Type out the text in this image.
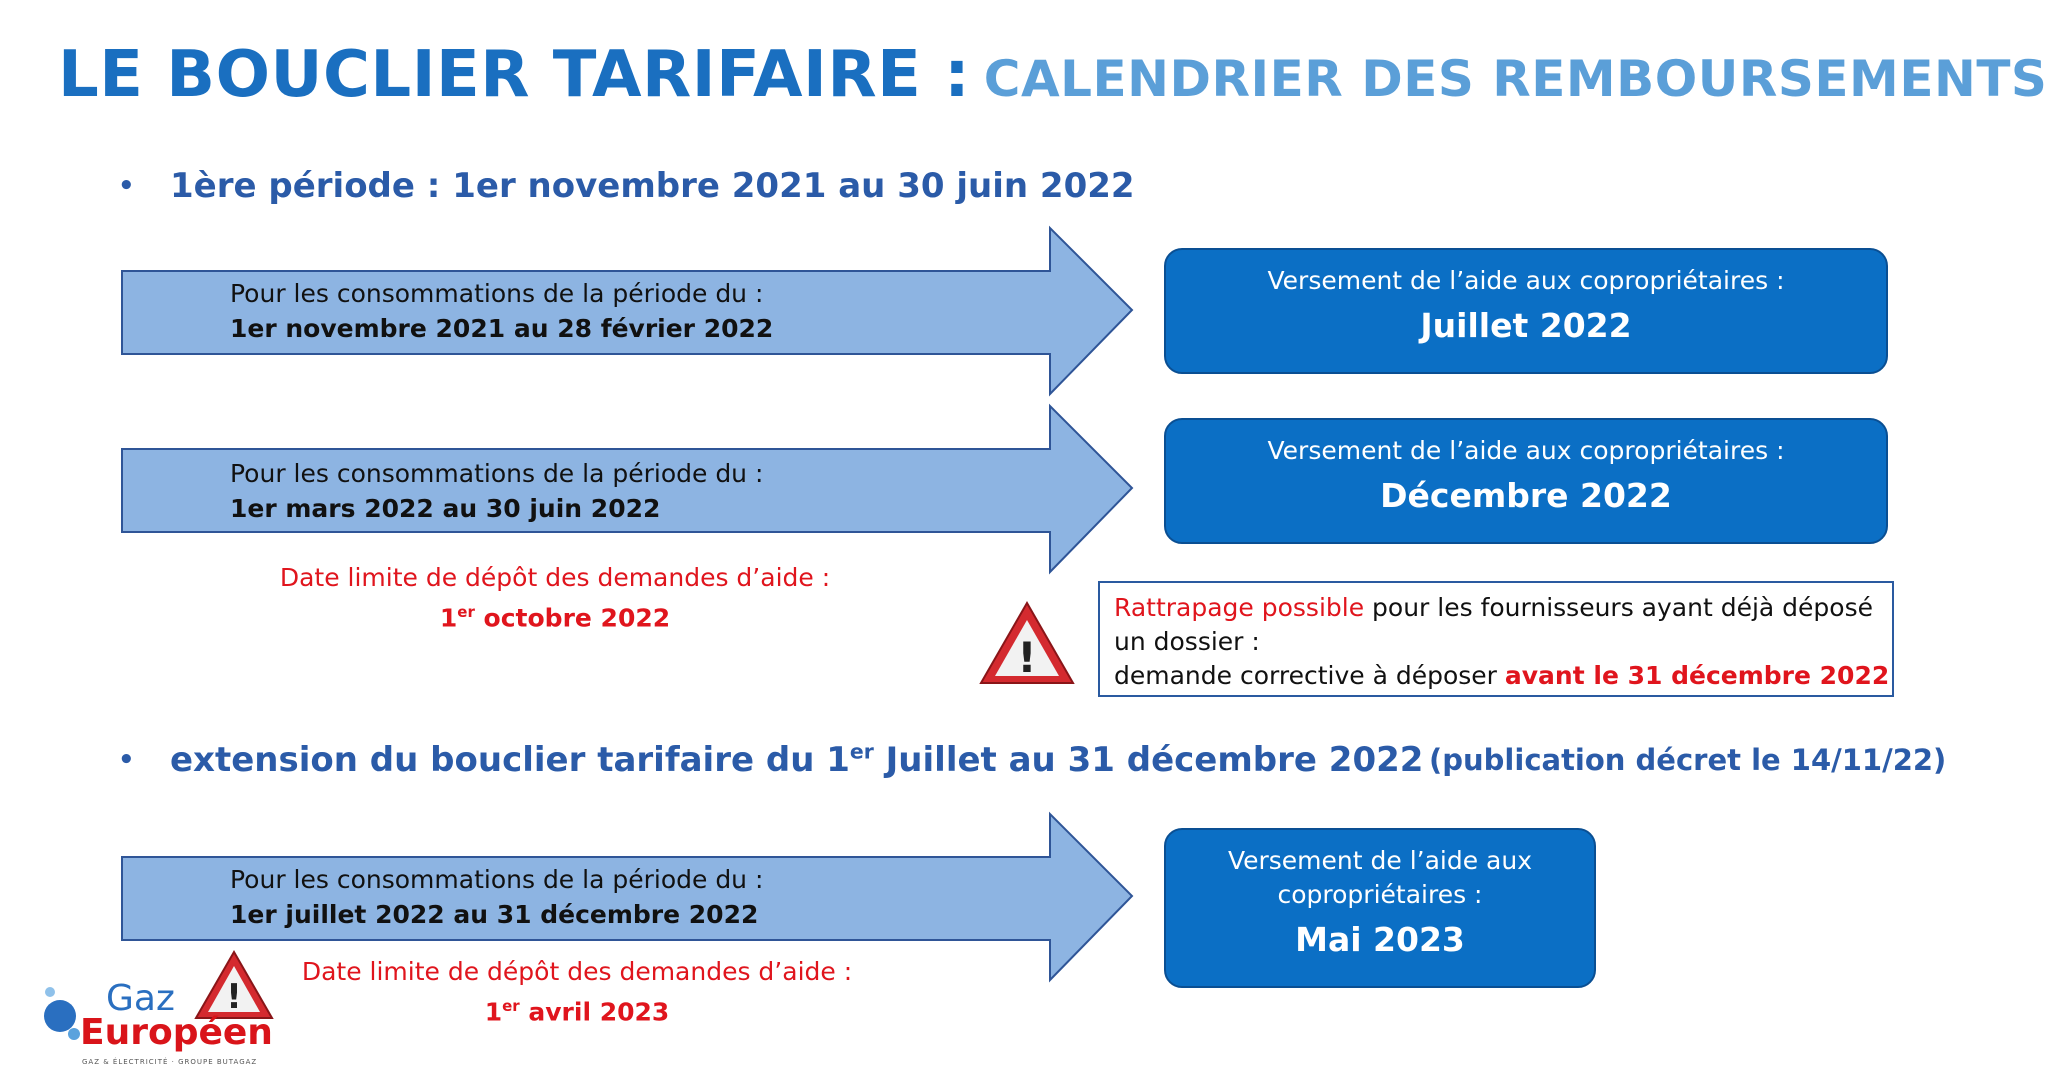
LE BOUCLIER TARIFAIRE : CALENDRIER DES REMBOURSEMENTS
• 1ère période : 1er novembre 2021 au 30 juin 2022
Pour les consommations de la période du :
1er novembre 2021 au 28 février 2022
Versement de l’aide aux copropriétaires :
Juillet 2022
Pour les consommations de la période du :
1er mars 2022 au 30 juin 2022
Versement de l’aide aux copropriétaires :
Décembre 2022
Date limite de dépôt des demandes d’aide :
1er octobre 2022
!
Rattrapage possible pour les fournisseurs ayant déjà déposé
un dossier :
demande corrective à déposer avant le 31 décembre 2022
• extension du bouclier tarifaire du 1er Juillet au 31 décembre 2022 (publication décret le 14/11/22)
Pour les consommations de la période du :
1er juillet 2022 au 31 décembre 2022
Versement de l’aide aux
copropriétaires :
Mai 2023
!
Date limite de dépôt des demandes d’aide :
1er avril 2023
Gaz
Européen
GAZ & ÉLECTRICITÉ · GROUPE BUTAGAZ
